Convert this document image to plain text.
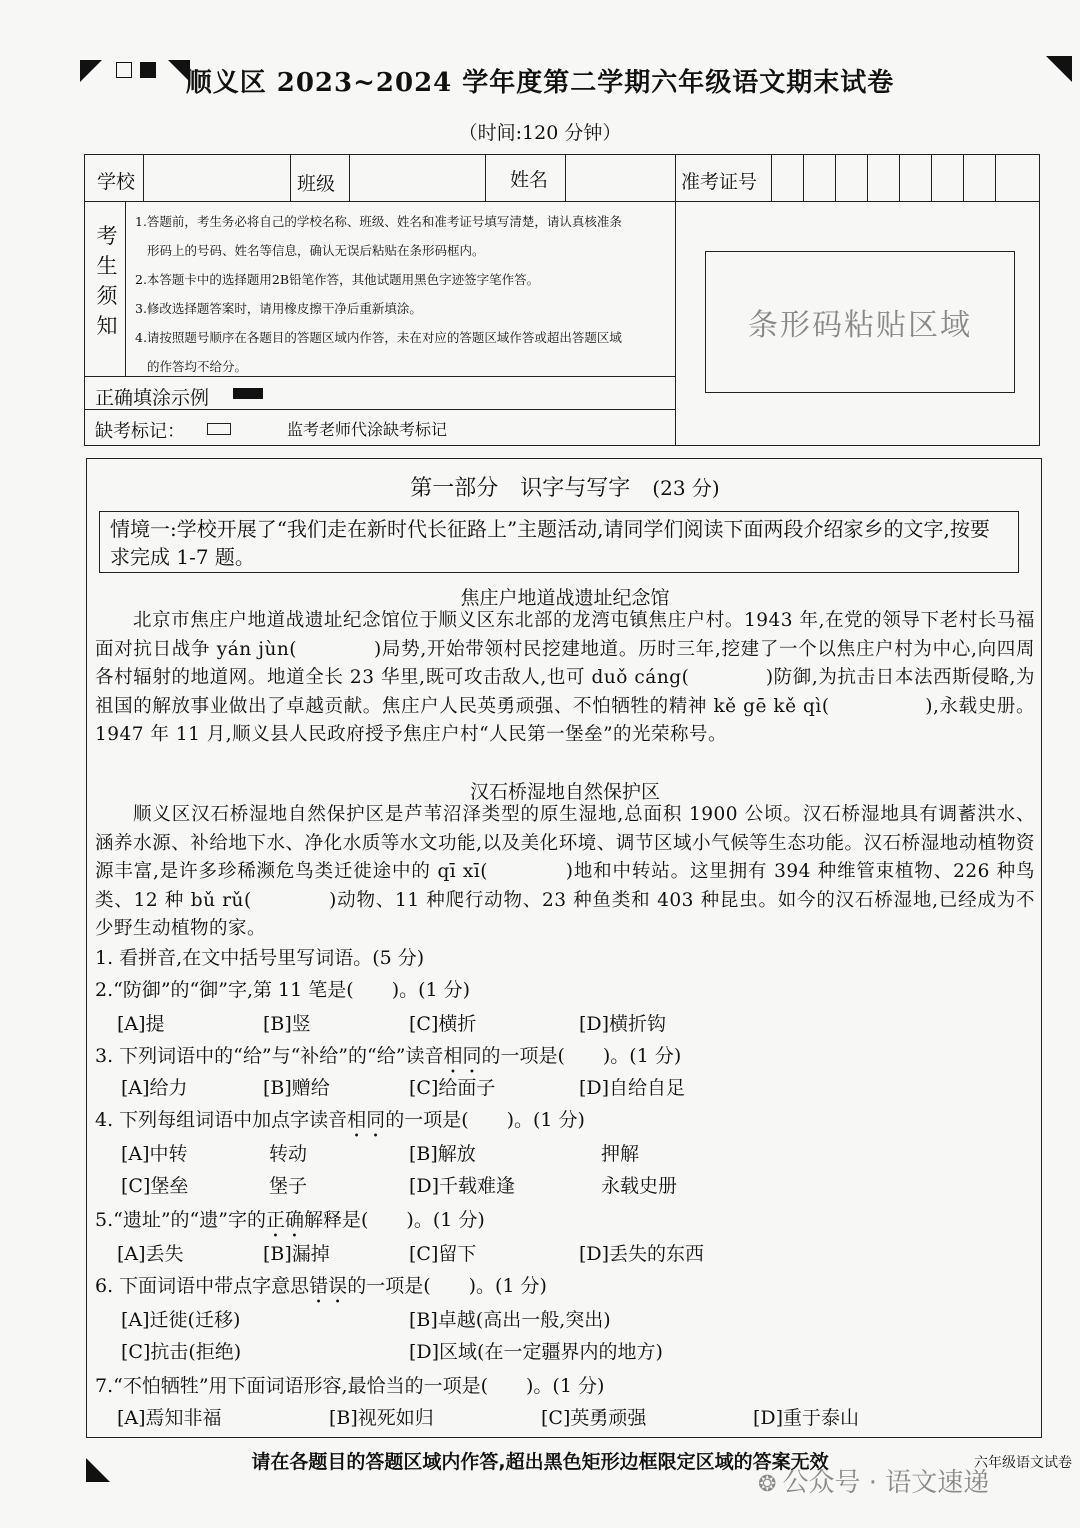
顺义区 2023~2024 学年度第二学期六年级语文期末试卷
（时间:120 分钟）
学校	班级	姓名	准考证号
考生须知
1.答题前，考生务必将自己的学校名称、班级、姓名和准考证号填写清楚，请认真核准条
形码上的号码、姓名等信息，确认无误后粘贴在条形码框内。
2.本答题卡中的选择题用2B铅笔作答，其他试题用黑色字迹签字笔作答。
3.修改选择题答案时，请用橡皮擦干净后重新填涂。
4.请按照题号顺序在各题目的答题区域内作答，未在对应的答题区域作答或超出答题区域
的作答均不给分。
条形码粘贴区域
正确填涂示例
缺考标记：	监考老师代涂缺考标记
第一部分　识字与写字 (23 分)
情境一:学校开展了“我们走在新时代长征路上”主题活动,请同学们阅读下面两段介绍家乡的文字,按要求完成 1-7 题。
焦庄户地道战遗址纪念馆
北京市焦庄户地道战遗址纪念馆位于顺义区东北部的龙湾屯镇焦庄户村。1943 年,在党的领导下老村长马福面对抗日战争 yán jùn(　　　　)局势,开始带领村民挖建地道。历时三年,挖建了一个以焦庄户村为中心,向四周各村辐射的地道网。地道全长 23 华里,既可攻击敌人,也可 duǒ cáng(　　　　)防御,为抗击日本法西斯侵略,为祖国的解放事业做出了卓越贡献。焦庄户人民英勇顽强、不怕牺牲的精神 kě gē kě qì(　　　　　),永载史册。1947 年 11 月,顺义县人民政府授予焦庄户村“人民第一堡垒”的光荣称号。
汉石桥湿地自然保护区
顺义区汉石桥湿地自然保护区是芦苇沼泽类型的原生湿地,总面积 1900 公顷。汉石桥湿地具有调蓄洪水、涵养水源、补给地下水、净化水质等水文功能,以及美化环境、调节区域小气候等生态功能。汉石桥湿地动植物资源丰富,是许多珍稀濒危鸟类迁徙途中的 qī xī(　　　　)地和中转站。这里拥有 394 种维管束植物、226 种鸟类、12 种 bǔ rǔ(　　　　)动物、11 种爬行动物、23 种鱼类和 403 种昆虫。如今的汉石桥湿地,已经成为不少野生动植物的家。
1. 看拼音,在文中括号里写词语。(5 分)
2.“防御”的“御”字,第 11 笔是(　　)。(1 分)
[A]提	[B]竖	[C]横折	[D]横折钩
3. 下列词语中的“给”与“补给”的“给”读音相同的一项是(　　)。(1 分)
[A]给力	[B]赠给	[C]给面子	[D]自给自足
4. 下列每组词语中加点字读音相同的一项是(　　)。(1 分)
[A]中转	转动	[B]解放	押解
[C]堡垒	堡子	[D]千载难逢	永载史册
5.“遗址”的“遗”字的正确解释是(　　)。(1 分)
[A]丢失	[B]漏掉	[C]留下	[D]丢失的东西
6. 下面词语中带点字意思错误的一项是(　　)。(1 分)
[A]迁徙(迁移)	[B]卓越(高出一般,突出)
[C]抗击(拒绝)	[D]区域(在一定疆界内的地方)
7.“不怕牺牲”用下面词语形容,最恰当的一项是(　　)。(1 分)
[A]焉知非福	[B]视死如归	[C]英勇顽强	[D]重于泰山
请在各题目的答题区域内作答,超出黑色矩形边框限定区域的答案无效	六年级语文试卷
❂ 公众号 · 语文速递
